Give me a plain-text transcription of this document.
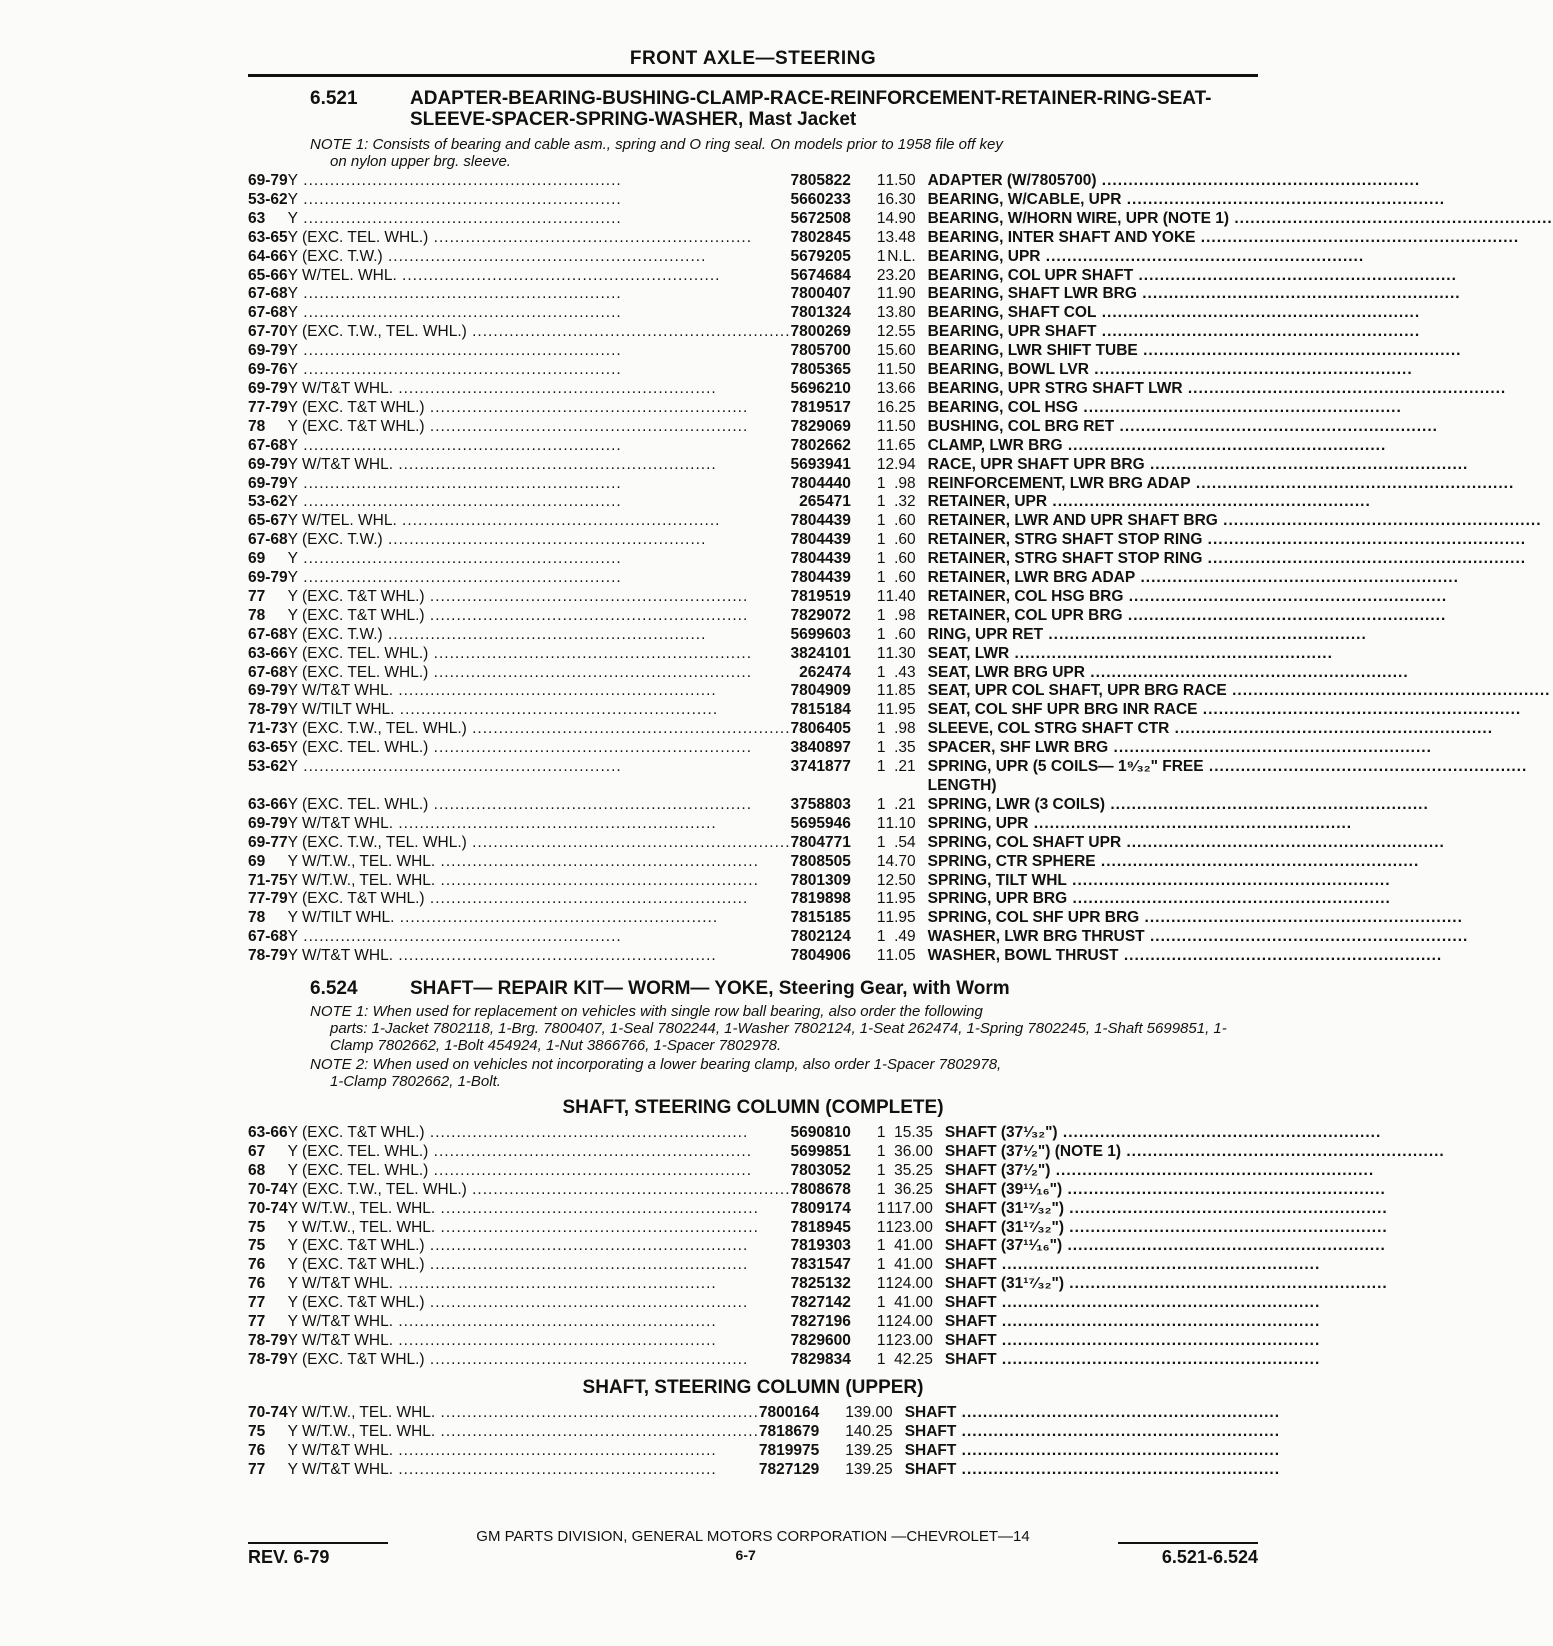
FRONT AXLE—STEERING
6.521	ADAPTER-BEARING-BUSHING-CLAMP-RACE-REINFORCEMENT-RETAINER-RING-SEAT-SLEEVE-SPACER-SPRING-WASHER, Mast Jacket
NOTE 1: Consists of bearing and cable asm., spring and O ring seal. On models prior to 1958 file off key
on nylon upper brg. sleeve.
69-79	Y ............................................................	7805822	1	1.50	ADAPTER (W/7805700) ............................................................
53-62	Y ............................................................	5660233	1	6.30	BEARING, W/CABLE, UPR ............................................................
63	Y ............................................................	5672508	1	4.90	BEARING, W/HORN WIRE, UPR (NOTE 1) ............................................................
63-65	Y (EXC. TEL. WHL.) ............................................................	7802845	1	3.48	BEARING, INTER SHAFT AND YOKE ............................................................
64-66	Y (EXC. T.W.) ............................................................	5679205	1	N.L.	BEARING, UPR ............................................................
65-66	Y W/TEL. WHL. ............................................................	5674684	2	3.20	BEARING, COL UPR SHAFT ............................................................
67-68	Y ............................................................	7800407	1	1.90	BEARING, SHAFT LWR BRG ............................................................
67-68	Y ............................................................	7801324	1	3.80	BEARING, SHAFT COL ............................................................
67-70	Y (EXC. T.W., TEL. WHL.) ............................................................	7800269	1	2.55	BEARING, UPR SHAFT ............................................................
69-79	Y ............................................................	7805700	1	5.60	BEARING, LWR SHIFT TUBE ............................................................
69-76	Y ............................................................	7805365	1	1.50	BEARING, BOWL LVR ............................................................
69-79	Y W/T&T WHL. ............................................................	5696210	1	3.66	BEARING, UPR STRG SHAFT LWR ............................................................
77-79	Y (EXC. T&T WHL.) ............................................................	7819517	1	6.25	BEARING, COL HSG ............................................................
78	Y (EXC. T&T WHL.) ............................................................	7829069	1	1.50	BUSHING, COL BRG RET ............................................................
67-68	Y ............................................................	7802662	1	1.65	CLAMP, LWR BRG ............................................................
69-79	Y W/T&T WHL. ............................................................	5693941	1	2.94	RACE, UPR SHAFT UPR BRG ............................................................
69-79	Y ............................................................	7804440	1	.98	REINFORCEMENT, LWR BRG ADAP ............................................................
53-62	Y ............................................................	265471	1	.32	RETAINER, UPR ............................................................
65-67	Y W/TEL. WHL. ............................................................	7804439	1	.60	RETAINER, LWR AND UPR SHAFT BRG ............................................................
67-68	Y (EXC. T.W.) ............................................................	7804439	1	.60	RETAINER, STRG SHAFT STOP RING ............................................................
69	Y ............................................................	7804439	1	.60	RETAINER, STRG SHAFT STOP RING ............................................................
69-79	Y ............................................................	7804439	1	.60	RETAINER, LWR BRG ADAP ............................................................
77	Y (EXC. T&T WHL.) ............................................................	7819519	1	1.40	RETAINER, COL HSG BRG ............................................................
78	Y (EXC. T&T WHL.) ............................................................	7829072	1	.98	RETAINER, COL UPR BRG ............................................................
67-68	Y (EXC. T.W.) ............................................................	5699603	1	.60	RING, UPR RET ............................................................
63-66	Y (EXC. TEL. WHL.) ............................................................	3824101	1	1.30	SEAT, LWR ............................................................
67-68	Y (EXC. TEL. WHL.) ............................................................	262474	1	.43	SEAT, LWR BRG UPR ............................................................
69-79	Y W/T&T WHL. ............................................................	7804909	1	1.85	SEAT, UPR COL SHAFT, UPR BRG RACE ............................................................
78-79	Y W/TILT WHL. ............................................................	7815184	1	1.95	SEAT, COL SHF UPR BRG INR RACE ............................................................
71-73	Y (EXC. T.W., TEL. WHL.) ............................................................	7806405	1	.98	SLEEVE, COL STRG SHAFT CTR ............................................................
63-65	Y (EXC. TEL. WHL.) ............................................................	3840897	1	.35	SPACER, SHF LWR BRG ............................................................
53-62	Y ............................................................	3741877	1	.21	SPRING, UPR (5 COILS— 1⁹⁄₃₂" FREE ............................................................
					LENGTH)
63-66	Y (EXC. TEL. WHL.) ............................................................	3758803	1	.21	SPRING, LWR (3 COILS) ............................................................
69-79	Y W/T&T WHL. ............................................................	5695946	1	1.10	SPRING, UPR ............................................................
69-77	Y (EXC. T.W., TEL. WHL.) ............................................................	7804771	1	.54	SPRING, COL SHAFT UPR ............................................................
69	Y W/T.W., TEL. WHL. ............................................................	7808505	1	4.70	SPRING, CTR SPHERE ............................................................
71-75	Y W/T.W., TEL. WHL. ............................................................	7801309	1	2.50	SPRING, TILT WHL ............................................................
77-79	Y (EXC. T&T WHL.) ............................................................	7819898	1	1.95	SPRING, UPR BRG ............................................................
78	Y W/TILT WHL. ............................................................	7815185	1	1.95	SPRING, COL SHF UPR BRG ............................................................
67-68	Y ............................................................	7802124	1	.49	WASHER, LWR BRG THRUST ............................................................
78-79	Y W/T&T WHL. ............................................................	7804906	1	1.05	WASHER, BOWL THRUST ............................................................
6.524	SHAFT— REPAIR KIT— WORM— YOKE, Steering Gear, with Worm
NOTE 1: When used for replacement on vehicles with single row ball bearing, also order the following
parts: 1-Jacket 7802118, 1-Brg. 7800407, 1-Seal 7802244, 1-Washer 7802124, 1-Seat 262474, 1-Spring 7802245, 1-Shaft 5699851, 1-Clamp 7802662, 1-Bolt 454924, 1-Nut 3866766, 1-Spacer 7802978.
NOTE 2: When used on vehicles not incorporating a lower bearing clamp, also order 1-Spacer 7802978,
1-Clamp 7802662, 1-Bolt.
SHAFT, STEERING COLUMN (COMPLETE)
63-66	Y (EXC. T&T WHL.) ............................................................	5690810	1	15.35	SHAFT (37¹⁄₃₂") ............................................................
67	Y (EXC. TEL. WHL.) ............................................................	5699851	1	36.00	SHAFT (37¹⁄₂") (NOTE 1) ............................................................
68	Y (EXC. TEL. WHL.) ............................................................	7803052	1	35.25	SHAFT (37¹⁄₂") ............................................................
70-74	Y (EXC. T.W., TEL. WHL.) ............................................................	7808678	1	36.25	SHAFT (39¹¹⁄₁₆") ............................................................
70-74	Y W/T.W., TEL. WHL. ............................................................	7809174	1	117.00	SHAFT (31¹⁷⁄₃₂") ............................................................
75	Y W/T.W., TEL. WHL. ............................................................	7818945	1	123.00	SHAFT (31¹⁷⁄₃₂") ............................................................
75	Y (EXC. T&T WHL.) ............................................................	7819303	1	41.00	SHAFT (37¹¹⁄₁₆") ............................................................
76	Y (EXC. T&T WHL.) ............................................................	7831547	1	41.00	SHAFT ............................................................
76	Y W/T&T WHL. ............................................................	7825132	1	124.00	SHAFT (31¹⁷⁄₃₂") ............................................................
77	Y (EXC. T&T WHL.) ............................................................	7827142	1	41.00	SHAFT ............................................................
77	Y W/T&T WHL. ............................................................	7827196	1	124.00	SHAFT ............................................................
78-79	Y W/T&T WHL. ............................................................	7829600	1	123.00	SHAFT ............................................................
78-79	Y (EXC. T&T WHL.) ............................................................	7829834	1	42.25	SHAFT ............................................................
SHAFT, STEERING COLUMN (UPPER)
70-74	Y W/T.W., TEL. WHL. ............................................................	7800164	1	39.00	SHAFT ............................................................
75	Y W/T.W., TEL. WHL. ............................................................	7818679	1	40.25	SHAFT ............................................................
76	Y W/T&T WHL. ............................................................	7819975	1	39.25	SHAFT ............................................................
77	Y W/T&T WHL. ............................................................	7827129	1	39.25	SHAFT ............................................................
GM PARTS DIVISION, GENERAL MOTORS CORPORATION —CHEVROLET—14
REV. 6-79	6-7	6.521-6.524
